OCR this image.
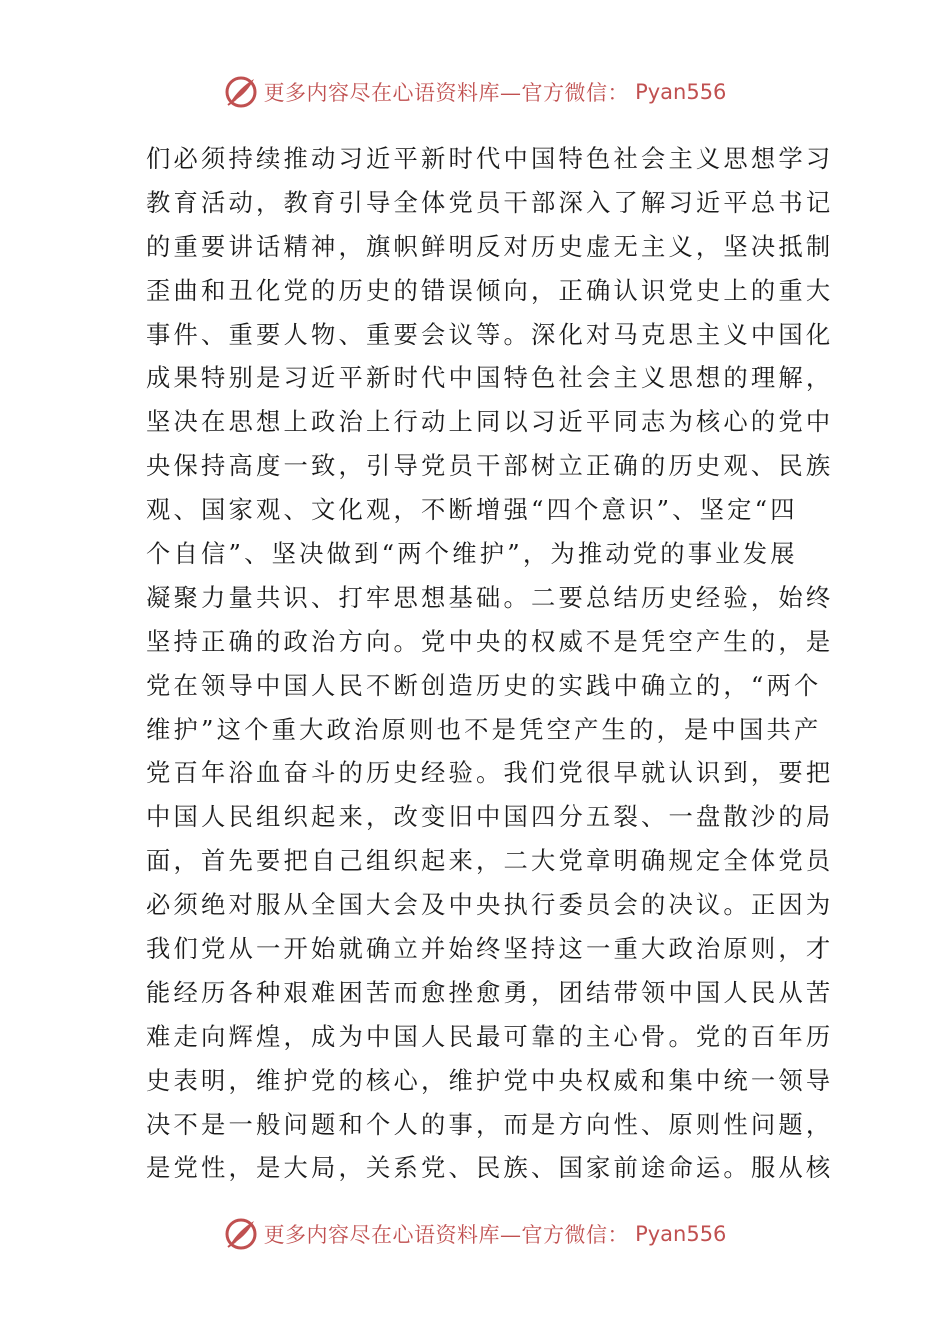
更多内容尽在心语资料库—官方微信： Pyan556
们必须持续推动习近平新时代中国特色社会主义思想学习
教育活动，教育引导全体党员干部深入了解习近平总书记
的重要讲话精神，旗帜鲜明反对历史虚无主义，坚决抵制
歪曲和丑化党的历史的错误倾向，正确认识党史上的重大
事件、重要人物、重要会议等。深化对马克思主义中国化
成果特别是习近平新时代中国特色社会主义思想的理解，
坚决在思想上政治上行动上同以习近平同志为核心的党中
央保持高度一致，引导党员干部树立正确的历史观、民族
观、国家观、文化观，不断增强“四个意识”、坚定“四
个自信”、坚决做到“两个维护”，为推动党的事业发展
凝聚力量共识、打牢思想基础。二要总结历史经验，始终
坚持正确的政治方向。党中央的权威不是凭空产生的，是
党在领导中国人民不断创造历史的实践中确立的，“两个
维护”这个重大政治原则也不是凭空产生的，是中国共产
党百年浴血奋斗的历史经验。我们党很早就认识到，要把
中国人民组织起来，改变旧中国四分五裂、一盘散沙的局
面，首先要把自己组织起来，二大党章明确规定全体党员
必须绝对服从全国大会及中央执行委员会的决议。正因为
我们党从一开始就确立并始终坚持这一重大政治原则，才
能经历各种艰难困苦而愈挫愈勇，团结带领中国人民从苦
难走向辉煌，成为中国人民最可靠的主心骨。党的百年历
史表明，维护党的核心，维护党中央权威和集中统一领导
决不是一般问题和个人的事，而是方向性、原则性问题，
是党性，是大局，关系党、民族、国家前途命运。服从核
更多内容尽在心语资料库—官方微信： Pyan556
